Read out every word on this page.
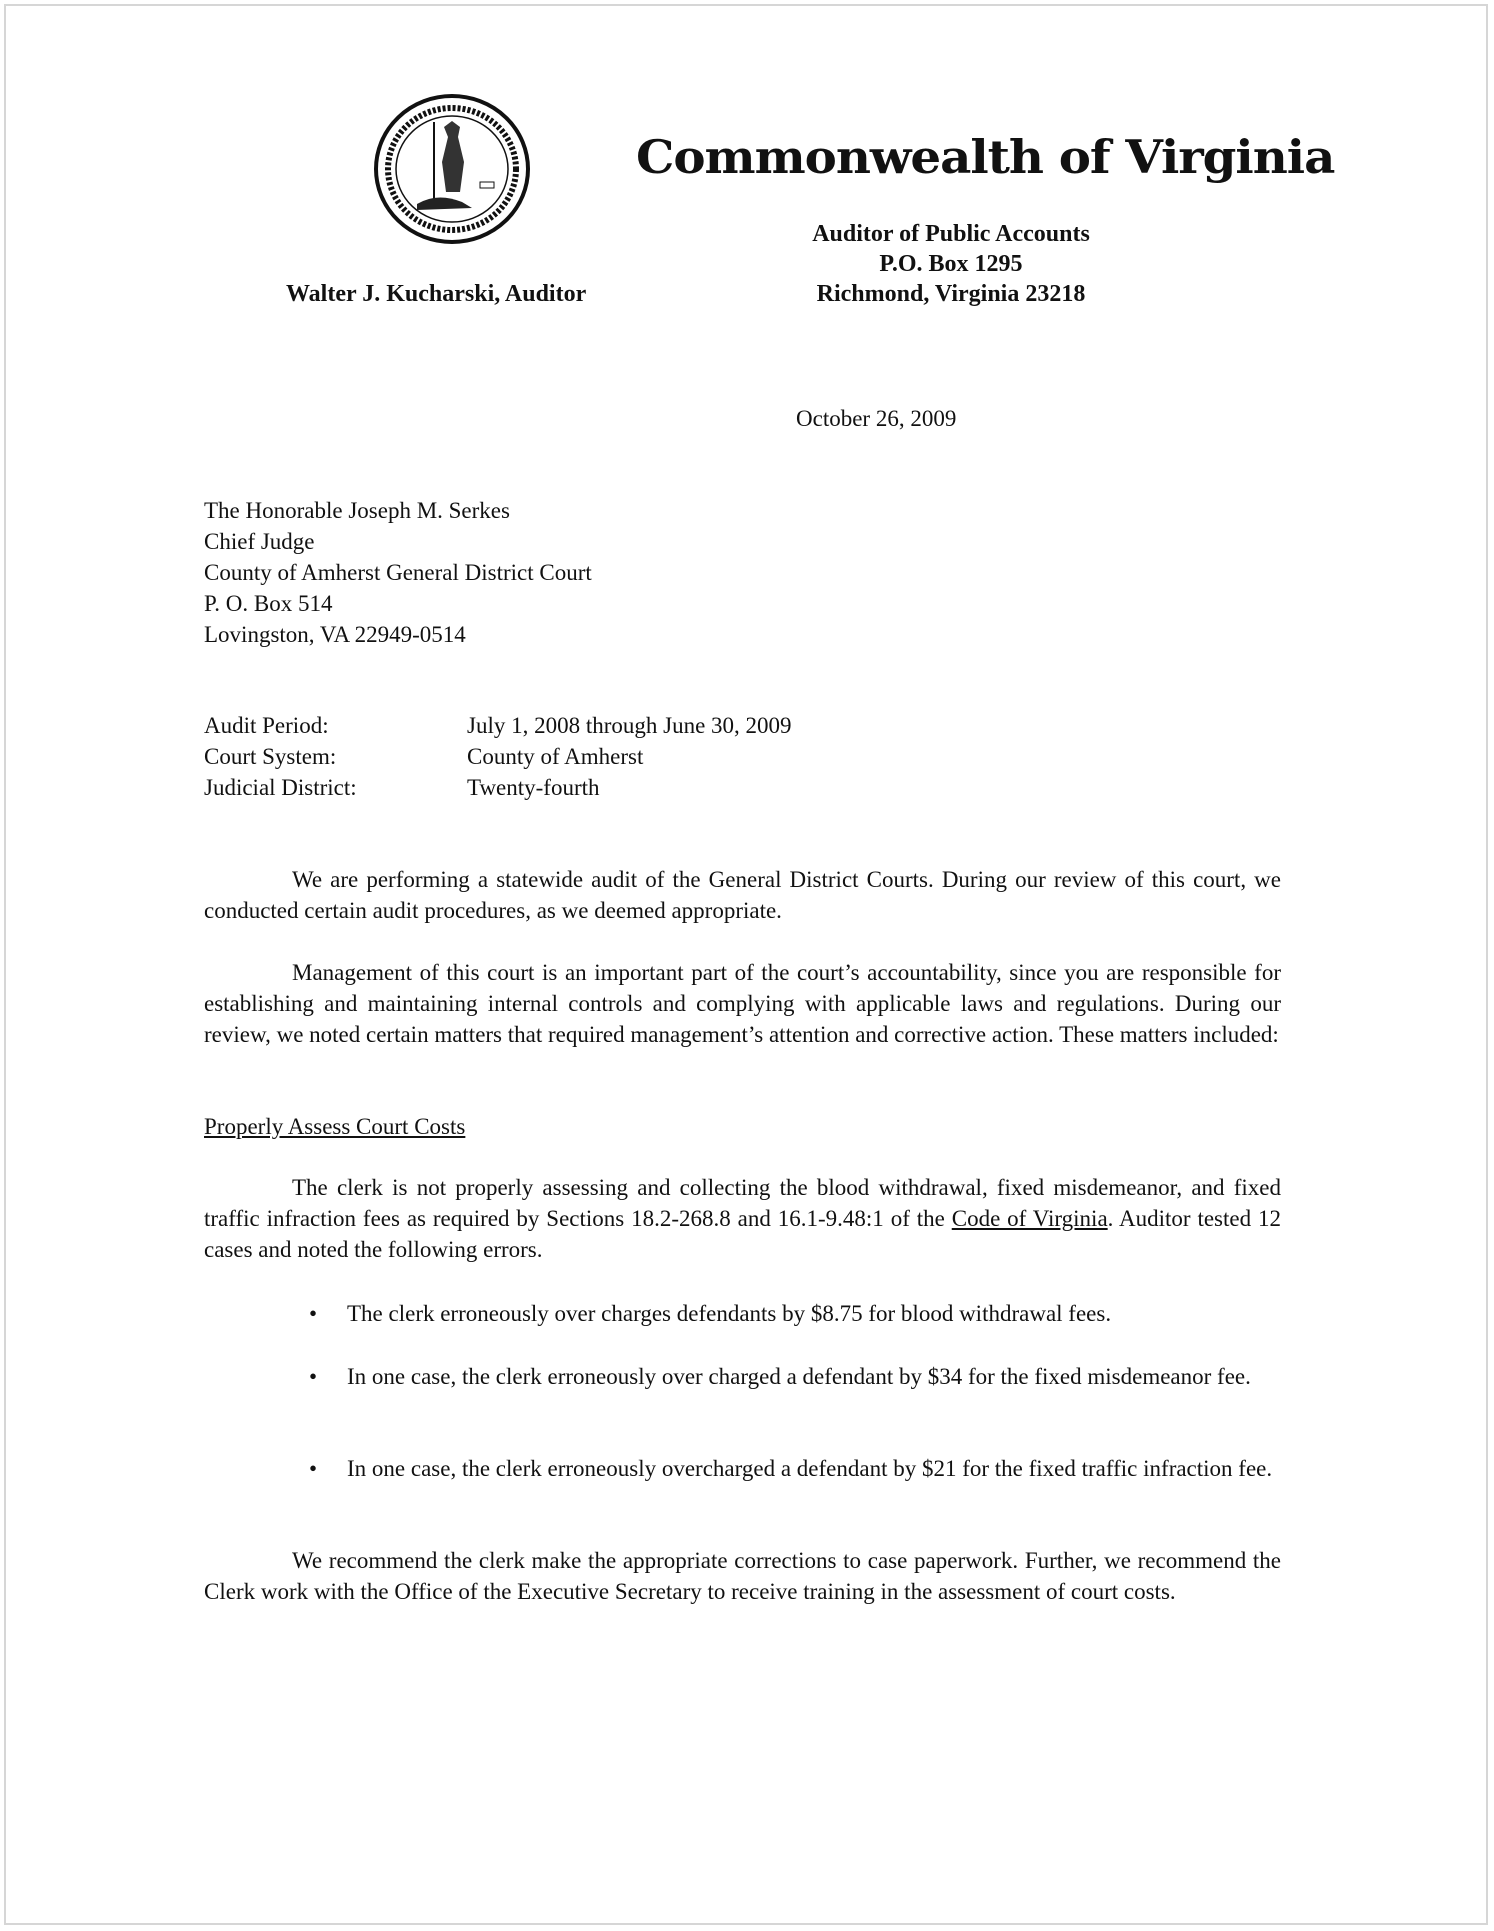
Commonwealth of Virginia
Walter J. Kucharski, Auditor
Auditor of Public Accounts
P.O. Box 1295
Richmond, Virginia 23218
October 26, 2009
The Honorable Joseph M. Serkes
Chief Judge
County of Amherst General District Court
P. O. Box 514
Lovingston, VA 22949-0514
Audit Period:	July 1, 2008 through June 30, 2009
Court System:	County of Amherst
Judicial District:	Twenty-fourth
We are performing a statewide audit of the General District Courts. During our review of this court, we conducted certain audit procedures, as we deemed appropriate.
Management of this court is an important part of the court’s accountability, since you are responsible for establishing and maintaining internal controls and complying with applicable laws and regulations. During our review, we noted certain matters that required management’s attention and corrective action. These matters included:
Properly Assess Court Costs
The clerk is not properly assessing and collecting the blood withdrawal, fixed misdemeanor, and fixed traffic infraction fees as required by Sections 18.2-268.8 and 16.1-9.48:1 of the Code of Virginia. Auditor tested 12 cases and noted the following errors.
• The clerk erroneously over charges defendants by $8.75 for blood withdrawal fees.
• In one case, the clerk erroneously over charged a defendant by $34 for the fixed misdemeanor fee.
• In one case, the clerk erroneously overcharged a defendant by $21 for the fixed traffic infraction fee.
We recommend the clerk make the appropriate corrections to case paperwork. Further, we recommend the Clerk work with the Office of the Executive Secretary to receive training in the assessment of court costs.
